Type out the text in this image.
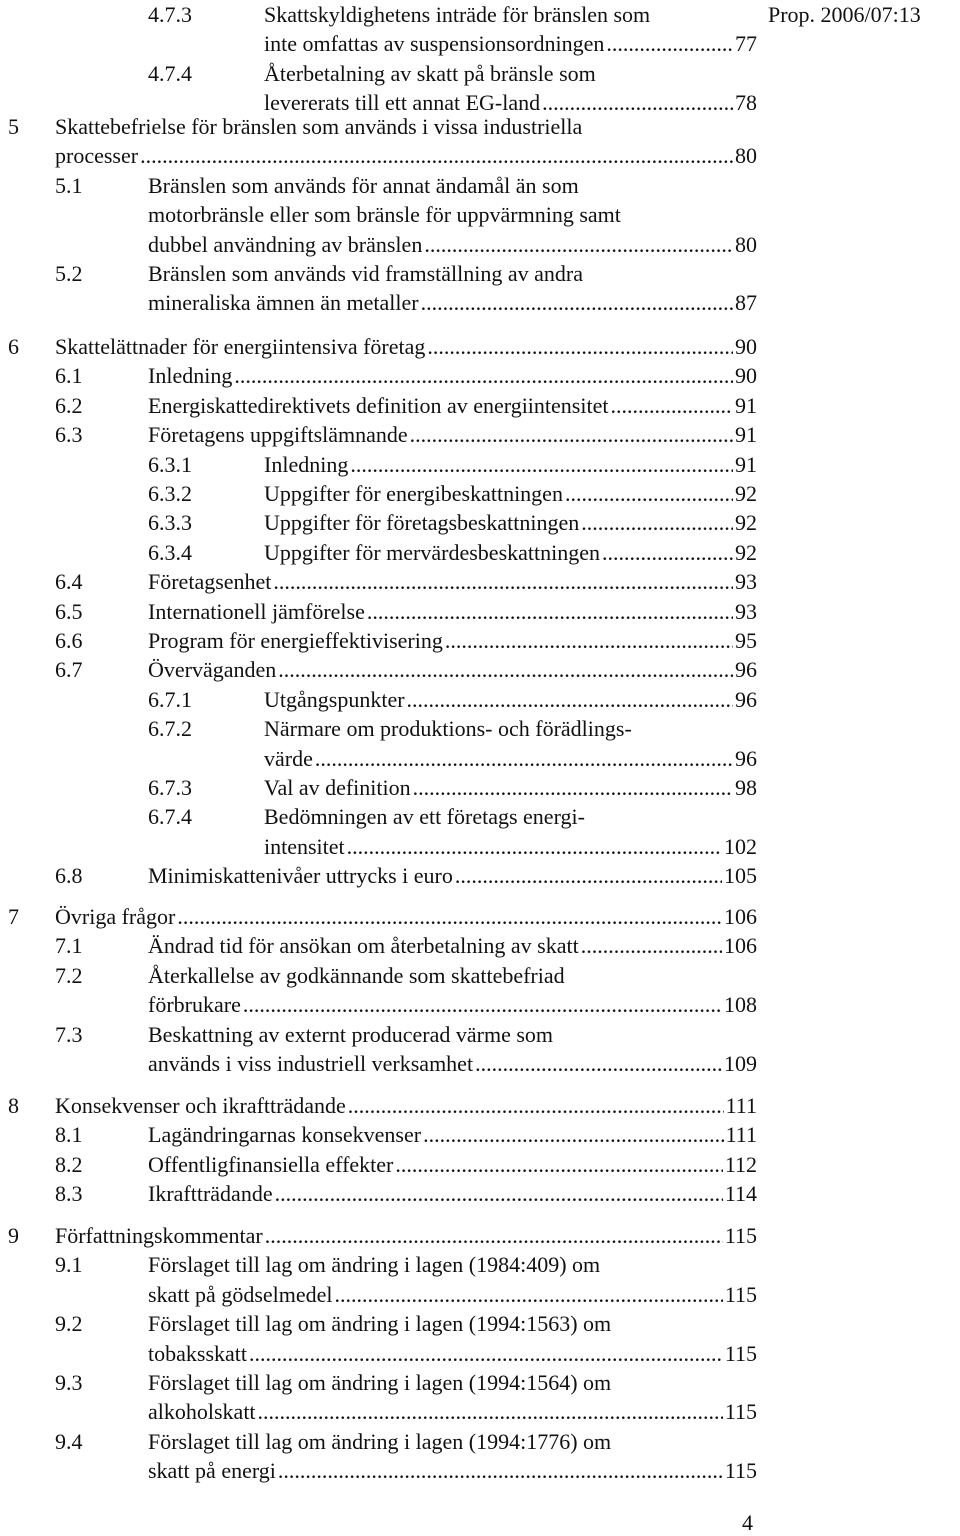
Prop. 2006/07:13
4.7.3	Skattskyldighetens inträde för bränslen som
inte omfattas av suspensionsordningen .....	77
4.7.4	Återbetalning av skatt på bränsle som
levererats till ett annat EG-land .....	78
5 Skattebefrielse för bränslen som används i vissa industriella
processer .....	80
5.1	Bränslen som används för annat ändamål än som
motorbränsle eller som bränsle för uppvärmning samt
dubbel användning av bränslen .....	80
5.2	Bränslen som används vid framställning av andra
mineraliska ämnen än metaller .....	87
6 Skattelättnader för energiintensiva företag .....	90
6.1	Inledning .....	90
6.2	Energiskattedirektivets definition av energiintensitet .....	91
6.3	Företagens uppgiftslämnande .....	91
6.3.1	Inledning .....	91
6.3.2	Uppgifter för energibeskattningen .....	92
6.3.3	Uppgifter för företagsbeskattningen .....	92
6.3.4	Uppgifter för mervärdesbeskattningen .....	92
6.4	Företagsenhet .....	93
6.5	Internationell jämförelse .....	93
6.6	Program för energieffektivisering .....	95
6.7	Överväganden .....	96
6.7.1	Utgångspunkter .....	96
6.7.2	Närmare om produktions- och förädlings-
värde .....	96
6.7.3	Val av definition .....	98
6.7.4	Bedömningen av ett företags energi-
intensitet .....	102
6.8	Minimiskattenivåer uttrycks i euro .....	105
7 Övriga frågor .....	106
7.1	Ändrad tid för ansökan om återbetalning av skatt .....	106
7.2	Återkallelse av godkännande som skattebefriad
förbrukare .....	108
7.3	Beskattning av externt producerad värme som
används i viss industriell verksamhet .....	109
8 Konsekvenser och ikraftträdande .....	111
8.1	Lagändringarnas konsekvenser .....	111
8.2	Offentligfinansiella effekter .....	112
8.3	Ikraftträdande .....	114
9 Författningskommentar .....	115
9.1	Förslaget till lag om ändring i lagen (1984:409) om
skatt på gödselmedel .....	115
9.2	Förslaget till lag om ändring i lagen (1994:1563) om
tobaksskatt .....	115
9.3	Förslaget till lag om ändring i lagen (1994:1564) om
alkoholskatt .....	115
9.4	Förslaget till lag om ändring i lagen (1994:1776) om
skatt på energi .....	115
4
